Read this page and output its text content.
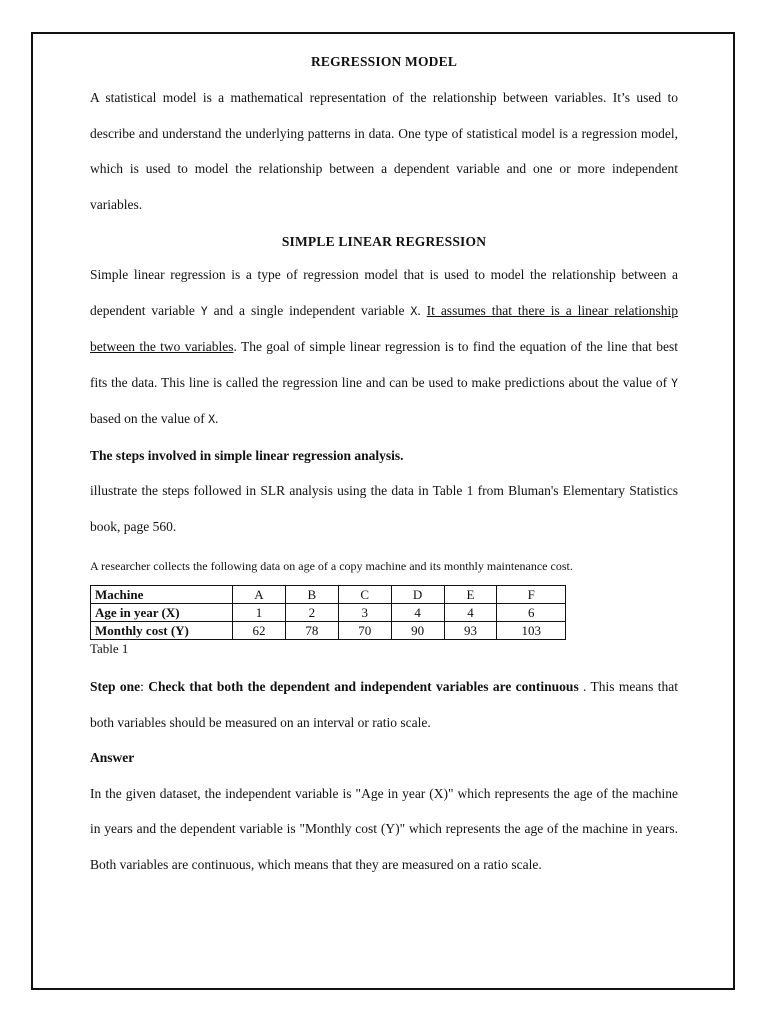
REGRESSION MODEL

A statistical model is a mathematical representation of the relationship between variables. It’s used to describe and understand the underlying patterns in data. One type of statistical model is a regression model, which is used to model the relationship between a dependent variable and one or more independent variables.

SIMPLE LINEAR REGRESSION

Simple linear regression is a type of regression model that is used to model the relationship between a dependent variable Y and a single independent variable X. It assumes that there is a linear relationship between the two variables. The goal of simple linear regression is to find the equation of the line that best fits the data. This line is called the regression line and can be used to make predictions about the value of Y based on the value of X.

The steps involved in simple linear regression analysis.

illustrate the steps followed in SLR analysis using the data in Table 1 from Bluman's Elementary Statistics book, page 560.

A researcher collects the following data on age of a copy machine and its monthly maintenance cost.
Machine	A	B	C	D	E	F
Age in year (X)	1	2	3	4	4	6
Monthly cost (Y)	62	78	70	90	93	103
Table 1

Step one: Check that both the dependent and independent variables are continuous . This means that both variables should be measured on an interval or ratio scale.

Answer

In the given dataset, the independent variable is "Age in year (X)" which represents the age of the machine in years and the dependent variable is "Monthly cost (Y)" which represents the age of the machine in years. Both variables are continuous, which means that they are measured on a ratio scale.
